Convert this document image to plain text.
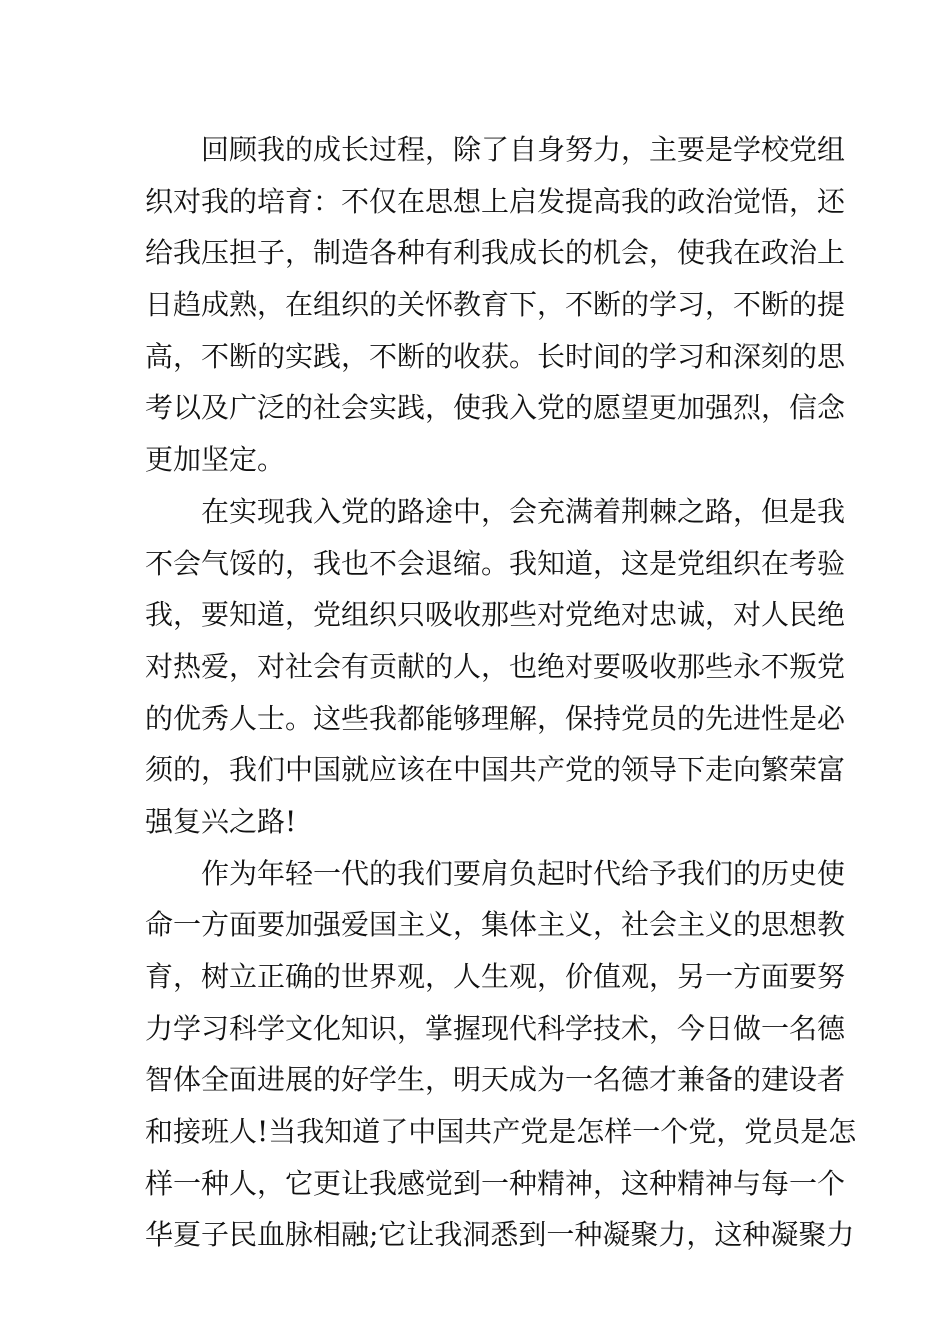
回顾我的成长过程，除了自身努力，主要是学校党组
织对我的培育：不仅在思想上启发提高我的政治觉悟，还
给我压担子，制造各种有利我成长的机会，使我在政治上
日趋成熟，在组织的关怀教育下，不断的学习，不断的提
高，不断的实践，不断的收获。长时间的学习和深刻的思
考以及广泛的社会实践，使我入党的愿望更加强烈，信念
更加坚定。
在实现我入党的路途中，会充满着荆棘之路，但是我
不会气馁的，我也不会退缩。我知道，这是党组织在考验
我，要知道，党组织只吸收那些对党绝对忠诚，对人民绝
对热爱，对社会有贡献的人，也绝对要吸收那些永不叛党
的优秀人士。这些我都能够理解，保持党员的先进性是必
须的，我们中国就应该在中国共产党的领导下走向繁荣富
强复兴之路!
作为年轻一代的我们要肩负起时代给予我们的历史使
命一方面要加强爱国主义，集体主义，社会主义的思想教
育，树立正确的世界观，人生观，价值观，另一方面要努
力学习科学文化知识，掌握现代科学技术，今日做一名德
智体全面进展的好学生，明天成为一名德才兼备的建设者
和接班人!当我知道了中国共产党是怎样一个党，党员是怎
样一种人，它更让我感觉到一种精神，这种精神与每一个
华夏子民血脉相融;它让我洞悉到一种凝聚力，这种凝聚力
